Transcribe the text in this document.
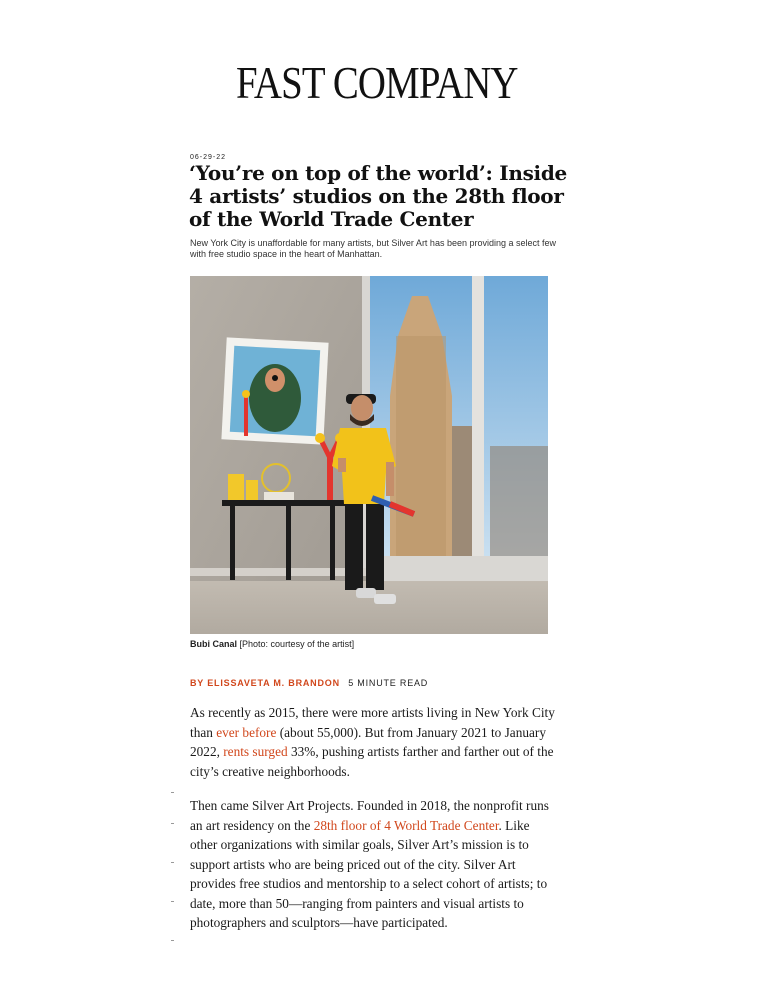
FAST COMPANY
06-29-22
‘You’re on top of the world’: Inside 4 artists’ studios on the 28th floor of the World Trade Center

New York City is unaffordable for many artists, but Silver Art has been providing a select few with free studio space in the heart of Manhattan.

Bubi Canal [Photo: courtesy of the artist]
BY ELISSAVETA M. BRANDON 5 MINUTE READ

As recently as 2015, there were more artists living in New York City than ever before (about 55,000). But from January 2021 to January 2022, rents surged 33%, pushing artists farther and farther out of the city’s creative neighborhoods.

Then came Silver Art Projects. Founded in 2018, the nonprofit runs an art residency on the 28th floor of 4 World Trade Center. Like other organizations with similar goals, Silver Art’s mission is to support artists who are being priced out of the city. Silver Art provides free studios and mentorship to a select cohort of artists; to date, more than 50—ranging from painters and visual artists to photographers and sculptors—have participated.
